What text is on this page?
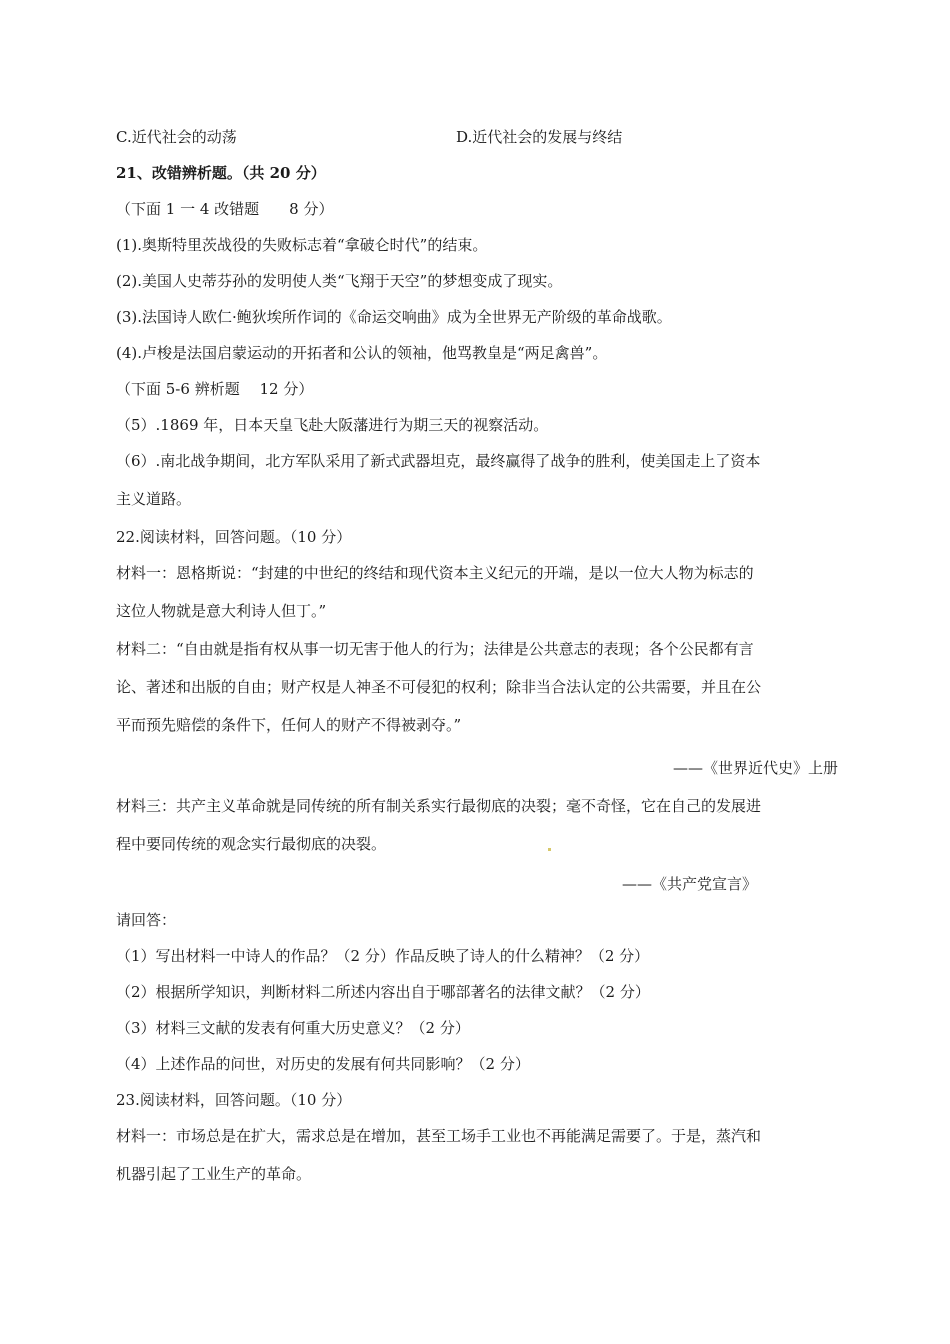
C.近代社会的动荡	D.近代社会的发展与终结
21、改错辨析题。（共 20 分）
（下面 1 一 4 改错题　　8 分）
(1).奥斯特里茨战役的失败标志着“拿破仑时代”的结束。
(2).美国人史蒂芬孙的发明使人类“飞翔于天空”的梦想变成了现实。
(3).法国诗人欧仁·鲍狄埃所作词的《命运交响曲》成为全世界无产阶级的革命战歌。
(4).卢梭是法国启蒙运动的开拓者和公认的领袖，他骂教皇是“两足禽兽”。
（下面 5-6 辨析题　 12 分）
（5）.1869 年，日本天皇飞赴大阪藩进行为期三天的视察活动。
（6）.南北战争期间，北方军队采用了新式武器坦克，最终赢得了战争的胜利，使美国走上了资本
主义道路。
22.阅读材料，回答问题。（10 分）
材料一：恩格斯说：“封建的中世纪的终结和现代资本主义纪元的开端，是以一位大人物为标志的
这位人物就是意大利诗人但丁。”
材料二：“自由就是指有权从事一切无害于他人的行为；法律是公共意志的表现；各个公民都有言
论、著述和出版的自由；财产权是人神圣不可侵犯的权利；除非当合法认定的公共需要，并且在公
平而预先赔偿的条件下，任何人的财产不得被剥夺。”
——《世界近代史》上册
材料三：共产主义革命就是同传统的所有制关系实行最彻底的决裂；毫不奇怪，它在自己的发展进
程中要同传统的观念实行最彻底的决裂。
——《共产党宣言》
请回答：
（1）写出材料一中诗人的作品？（2 分）作品反映了诗人的什么精神？（2 分）
（2）根据所学知识，判断材料二所述内容出自于哪部著名的法律文献？（2 分）
（3）材料三文献的发表有何重大历史意义？（2 分）
（4）上述作品的问世，对历史的发展有何共同影响？（2 分）
23.阅读材料，回答问题。（10 分）
材料一：市场总是在扩大，需求总是在增加，甚至工场手工业也不再能满足需要了。于是，蒸汽和
机器引起了工业生产的革命。
